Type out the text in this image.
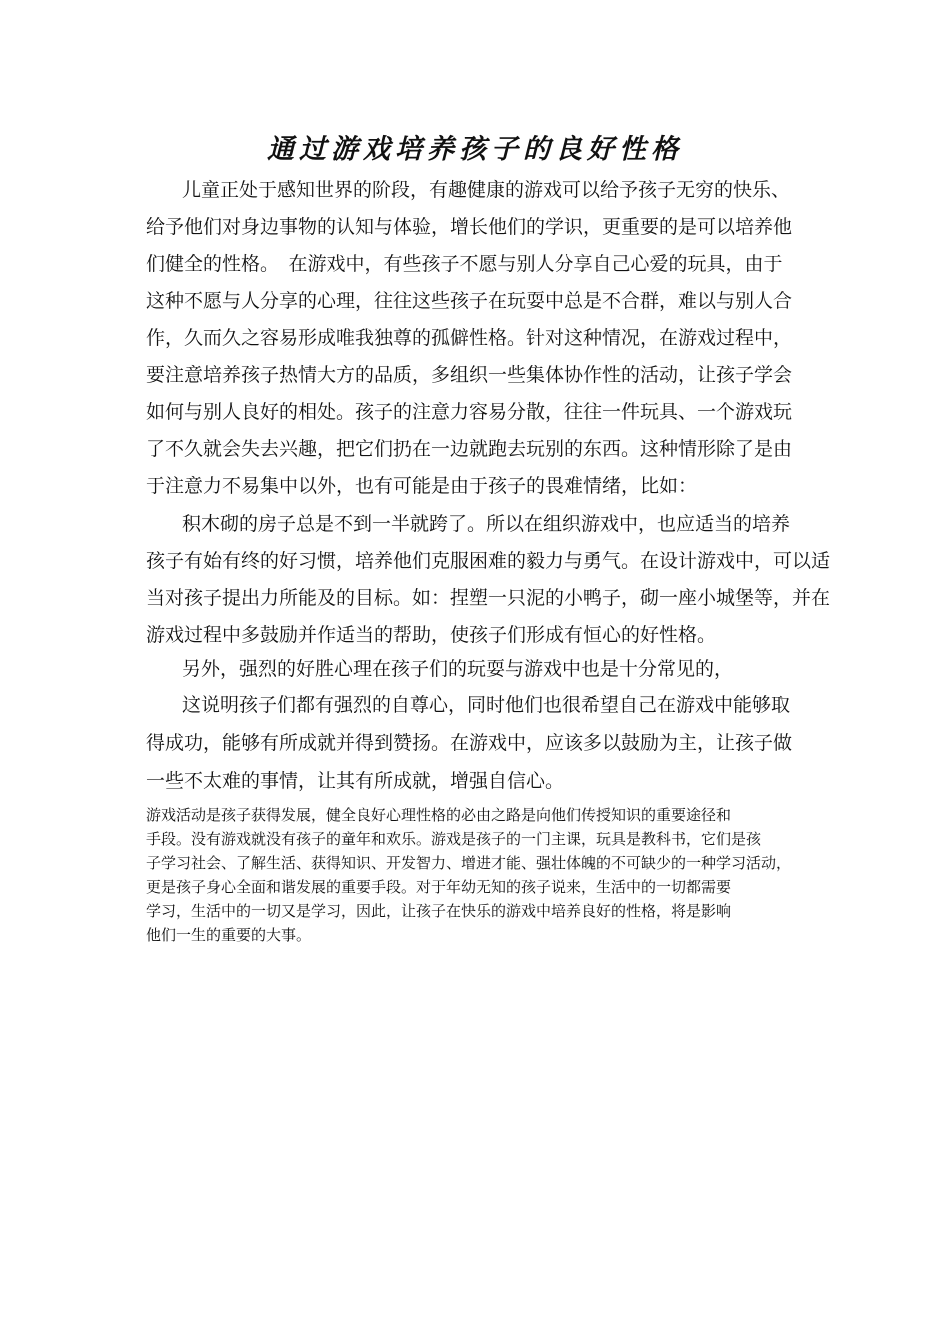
通过游戏培养孩子的良好性格
儿童正处于感知世界的阶段，有趣健康的游戏可以给予孩子无穷的快乐、
给予他们对身边事物的认知与体验，增长他们的学识，更重要的是可以培养他
们健全的性格。　在游戏中，有些孩子不愿与别人分享自己心爱的玩具，由于
这种不愿与人分享的心理，往往这些孩子在玩耍中总是不合群，难以与别人合
作，久而久之容易形成唯我独尊的孤僻性格。针对这种情况，在游戏过程中，
要注意培养孩子热情大方的品质，多组织一些集体协作性的活动，让孩子学会
如何与别人良好的相处。孩子的注意力容易分散，往往一件玩具、一个游戏玩
了不久就会失去兴趣，把它们扔在一边就跑去玩别的东西。这种情形除了是由
于注意力不易集中以外，也有可能是由于孩子的畏难情绪，比如：
积木砌的房子总是不到一半就跨了。所以在组织游戏中，也应适当的培养
孩子有始有终的好习惯，培养他们克服困难的毅力与勇气。在设计游戏中，可以适
当对孩子提出力所能及的目标。如：捏塑一只泥的小鸭子，砌一座小城堡等，并在
游戏过程中多鼓励并作适当的帮助，使孩子们形成有恒心的好性格。
另外，强烈的好胜心理在孩子们的玩耍与游戏中也是十分常见的，
这说明孩子们都有强烈的自尊心，同时他们也很希望自己在游戏中能够取
得成功，能够有所成就并得到赞扬。在游戏中，应该多以鼓励为主，让孩子做
一些不太难的事情，让其有所成就，增强自信心。
游戏活动是孩子获得发展，健全良好心理性格的必由之路是向他们传授知识的重要途径和
手段。没有游戏就没有孩子的童年和欢乐。游戏是孩子的一门主课，玩具是教科书，它们是孩
子学习社会、了解生活、获得知识、开发智力、增进才能、强壮体魄的不可缺少的一种学习活动，
更是孩子身心全面和谐发展的重要手段。对于年幼无知的孩子说来，生活中的一切都需要
学习，生活中的一切又是学习，因此，让孩子在快乐的游戏中培养良好的性格，将是影响
他们一生的重要的大事。
